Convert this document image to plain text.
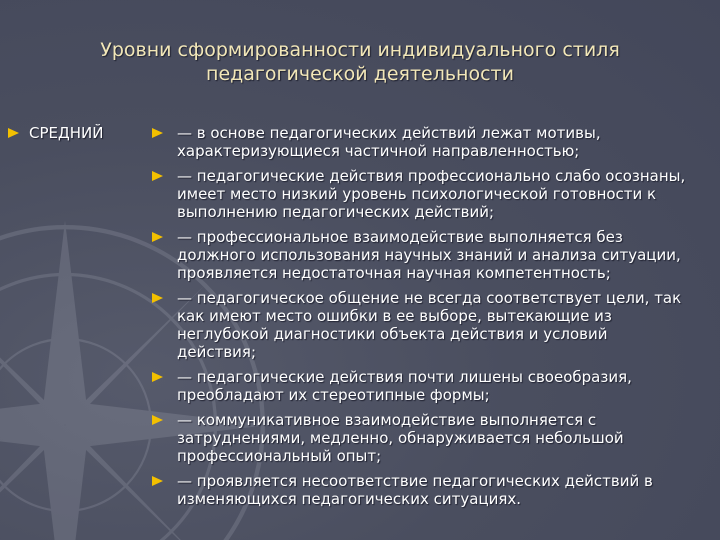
Уровни сформированности индивидуального стиля
педагогической деятельности
СРЕДНИЙ	— в основе педагогических действий лежат мотивы, характеризующиеся частичной направленностью;
— педагогические действия профессионально слабо осознаны, имеет место низкий уровень психологической готовности к выполнению педагогических действий;
— профессиональное взаимодействие выполняется без должного использования научных знаний и анализа ситуации, проявляется недостаточная научная компетентность;
— педагогическое общение не всегда соответствует цели, так как имеют место ошибки в ее выборе, вытекающие из неглубокой диагностики объекта действия и условий действия;
— педагогические действия почти лишены своеобразия, преобладают их стереотипные формы;
— коммуникативное взаимодействие выполняется с затруднениями, медленно, обнаруживается небольшой профессиональный опыт;
— проявляется несоответствие педагогических действий в изменяющихся педагогических ситуациях.
